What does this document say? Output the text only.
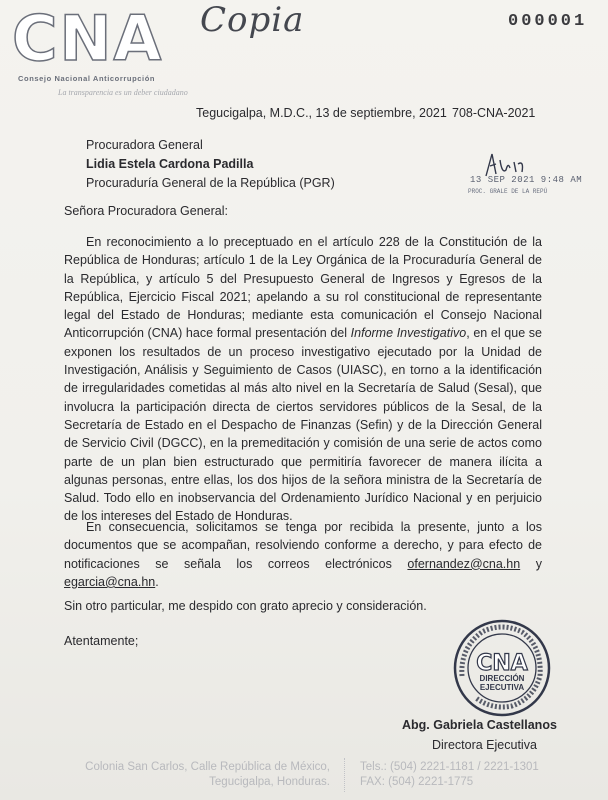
CNA
Consejo Nacional Anticorrupción
La transparencia es un deber ciudadano
Copia	000001
Tegucigalpa, M.D.C., 13 de septiembre, 2021 708-CNA-2021
Procuradora General
Lidia Estela Cardona Padilla
Procuraduría General de la República (PGR)	13 SEP 2021 9:48 AM
PROC. GRALE DE LA REPÚ
Señora Procuradora General:

En reconocimiento a lo preceptuado en el artículo 228 de la Constitución de la República de Honduras; artículo 1 de la Ley Orgánica de la Procuraduría General de la República, y artículo 5 del Presupuesto General de Ingresos y Egresos de la República, Ejercicio Fiscal 2021; apelando a su rol constitucional de representante legal del Estado de Honduras; mediante esta comunicación el Consejo Nacional Anticorrupción (CNA) hace formal presentación del Informe Investigativo, en el que se exponen los resultados de un proceso investigativo ejecutado por la Unidad de Investigación, Análisis y Seguimiento de Casos (UIASC), en torno a la identificación de irregularidades cometidas al más alto nivel en la Secretaría de Salud (Sesal), que involucra la participación directa de ciertos servidores públicos de la Sesal, de la Secretaría de Estado en el Despacho de Finanzas (Sefin) y de la Dirección General de Servicio Civil (DGCC), en la premeditación y comisión de una serie de actos como parte de un plan bien estructurado que permitiría favorecer de manera ilícita a algunas personas, entre ellas, los dos hijos de la señora ministra de la Secretaría de Salud. Todo ello en inobservancia del Ordenamiento Jurídico Nacional y en perjuicio de los intereses del Estado de Honduras.

En consecuencia, solicitamos se tenga por recibida la presente, junto a los documentos que se acompañan, resolviendo conforme a derecho, y para efecto de notificaciones se señala los correos electrónicos ofernandez@cna.hn y egarcia@cna.hn.

Sin otro particular, me despido con grato aprecio y consideración.

Atentamente;
CNA
DIRECCIÓN
EJECUTIVA
Abg. Gabriela Castellanos
Directora Ejecutiva
Colonia San Carlos, Calle República de México,
Tegucigalpa, Honduras.
Tels.: (504) 2221-1181 / 2221-1301
FAX: (504) 2221-1775
